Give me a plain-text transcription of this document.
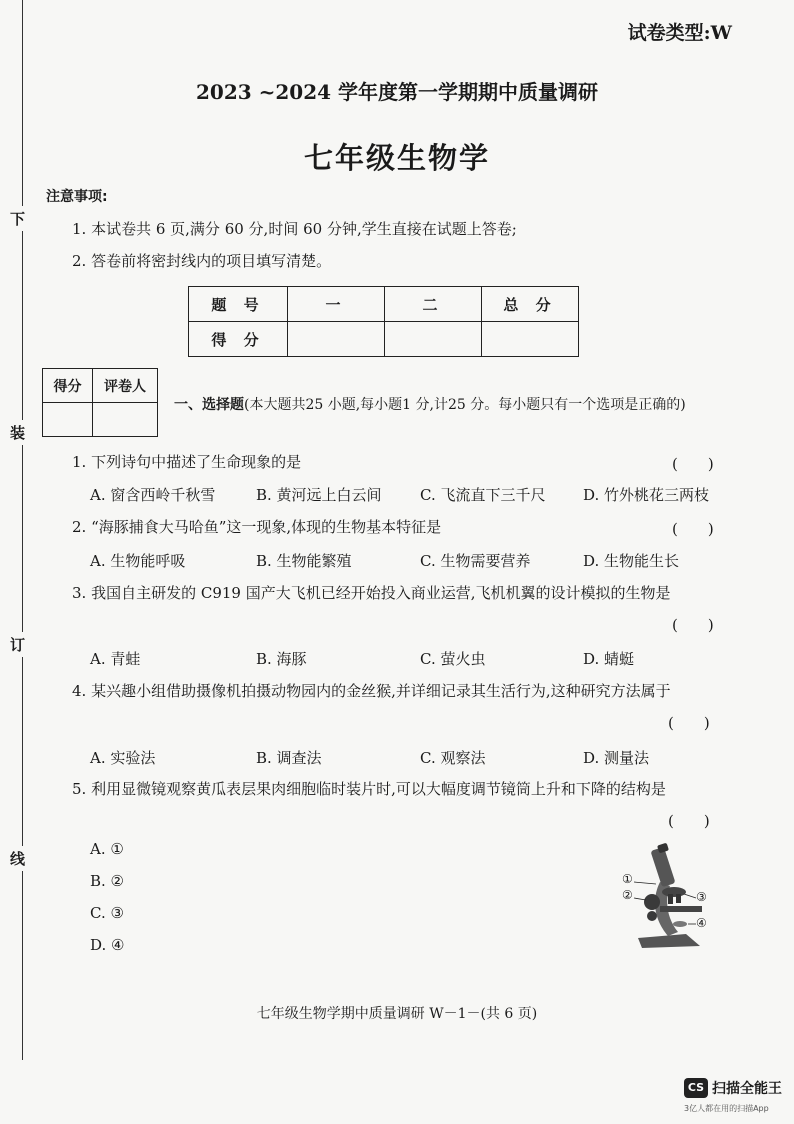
下
装
订
线
试卷类型:W
2023 ~2024 学年度第一学期期中质量调研
七年级生物学
注意事项:
1. 本试卷共 6 页,满分 60 分,时间 60 分钟,学生直接在试题上答卷;
2. 答卷前将密封线内的项目填写清楚。
题 号	一	二	总 分
得 分			
得分	评卷人

一、选择题(本大题共25 小题,每小题1 分,计25 分。每小题只有一个选项是正确的)
1. 下列诗句中描述了生命现象的是	(　　)
A. 窗含西岭千秋雪	B. 黄河远上白云间	C. 飞流直下三千尺	D. 竹外桃花三两枝
2. “海豚捕食大马哈鱼”这一现象,体现的生物基本特征是	(　　)
A. 生物能呼吸	B. 生物能繁殖	C. 生物需要营养	D. 生物能生长
3. 我国自主研发的 C919 国产大飞机已经开始投入商业运营,飞机机翼的设计模拟的生物是
(　　)
A. 青蛙	B. 海豚	C. 萤火虫	D. 蜻蜓
4. 某兴趣小组借助摄像机拍摄动物园内的金丝猴,并详细记录其生活行为,这种研究方法属于
(　　)
A. 实验法	B. 调查法	C. 观察法	D. 测量法
5. 利用显微镜观察黄瓜表层果肉细胞临时装片时,可以大幅度调节镜筒上升和下降的结构是
(　　)
A. ①
B. ②
C. ③
D. ④
①
②	③
④
七年级生物学期中质量调研 W－1－(共 6 页)
CS 扫描全能王
3亿人都在用的扫描App
